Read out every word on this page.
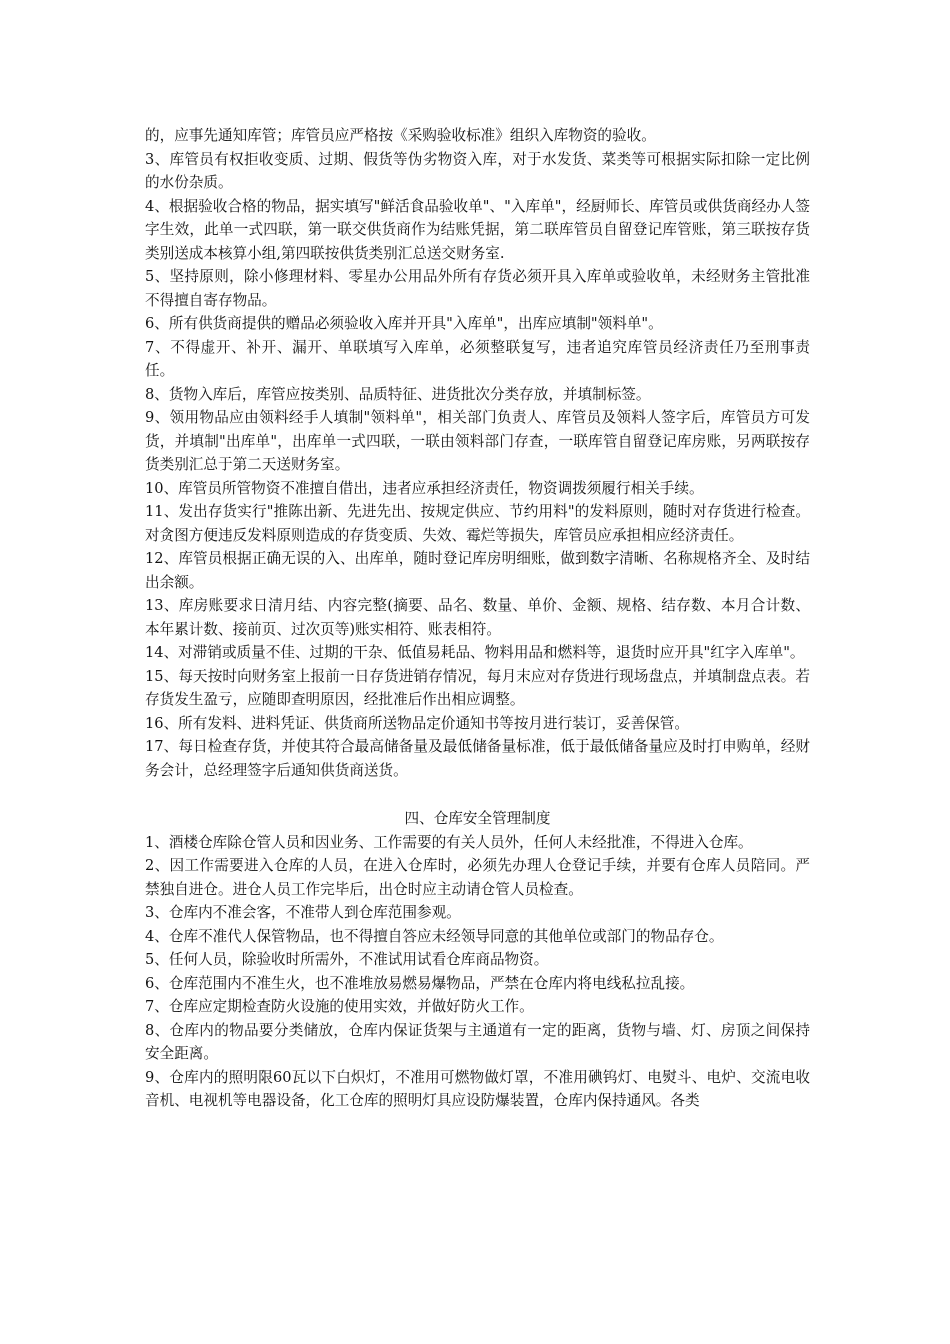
的，应事先通知库管；库管员应严格按《采购验收标准》组织入库物资的验收。

3、库管员有权拒收变质、过期、假货等伪劣物资入库，对于水发货、菜类等可根据实际扣除一定比例的水份杂质。

4、根据验收合格的物品，据实填写"鲜活食品验收单"、"入库单"，经厨师长、库管员或供货商经办人签字生效，此单一式四联，第一联交供货商作为结账凭据，第二联库管员自留登记库管账，第三联按存货类别送成本核算小组,第四联按供货类别汇总送交财务室.

5、坚持原则，除小修理材料、零星办公用品外所有存货必须开具入库单或验收单，未经财务主管批准不得擅自寄存物品。

6、所有供货商提供的赠品必须验收入库并开具"入库单"，出库应填制"领料单"。

7、不得虚开、补开、漏开、单联填写入库单，必须整联复写，违者追究库管员经济责任乃至刑事责任。

8、货物入库后，库管应按类别、品质特征、进货批次分类存放，并填制标签。

9、领用物品应由领料经手人填制"领料单"，相关部门负责人、库管员及领料人签字后，库管员方可发货，并填制"出库单"，出库单一式四联，一联由领料部门存查，一联库管自留登记库房账，另两联按存货类别汇总于第二天送财务室。

10、库管员所管物资不准擅自借出，违者应承担经济责任，物资调拨须履行相关手续。

11、发出存货实行"推陈出新、先进先出、按规定供应、节约用料"的发料原则，随时对存货进行检查。对贪图方便违反发料原则造成的存货变质、失效、霉烂等损失，库管员应承担相应经济责任。

12、库管员根据正确无误的入、出库单，随时登记库房明细账，做到数字清晰、名称规格齐全、及时结出余额。

13、库房账要求日清月结、内容完整(摘要、品名、数量、单价、金额、规格、结存数、本月合计数、本年累计数、接前页、过次页等)账实相符、账表相符。

14、对滞销或质量不佳、过期的干杂、低值易耗品、物料用品和燃料等，退货时应开具"红字入库单"。

15、每天按时向财务室上报前一日存货进销存情况，每月末应对存货进行现场盘点，并填制盘点表。若存货发生盈亏，应随即查明原因，经批准后作出相应调整。

16、所有发料、进料凭证、供货商所送物品定价通知书等按月进行装订，妥善保管。

17、每日检查存货，并使其符合最高储备量及最低储备量标准，低于最低储备量应及时打申购单，经财务会计，总经理签字后通知供货商送货。

四、仓库安全管理制度

1、酒楼仓库除仓管人员和因业务、工作需要的有关人员外，任何人未经批准，不得进入仓库。

2、因工作需要进入仓库的人员，在进入仓库时，必须先办理人仓登记手续，并要有仓库人员陪同。严禁独自进仓。进仓人员工作完毕后，出仓时应主动请仓管人员检查。

3、仓库内不准会客，不准带人到仓库范围参观。

4、仓库不准代人保管物品，也不得擅自答应未经领导同意的其他单位或部门的物品存仓。

5、任何人员，除验收时所需外，不准试用试看仓库商品物资。

6、仓库范围内不准生火，也不准堆放易燃易爆物品，严禁在仓库内将电线私拉乱接。

7、仓库应定期检查防火设施的使用实效，并做好防火工作。

8、仓库内的物品要分类储放，仓库内保证货架与主通道有一定的距离，货物与墙、灯、房顶之间保持安全距离。

9、仓库内的照明限60瓦以下白炽灯，不准用可燃物做灯罩，不准用碘钨灯、电熨斗、电炉、交流电收音机、电视机等电器设备，化工仓库的照明灯具应设防爆装置，仓库内保持通风。各类
